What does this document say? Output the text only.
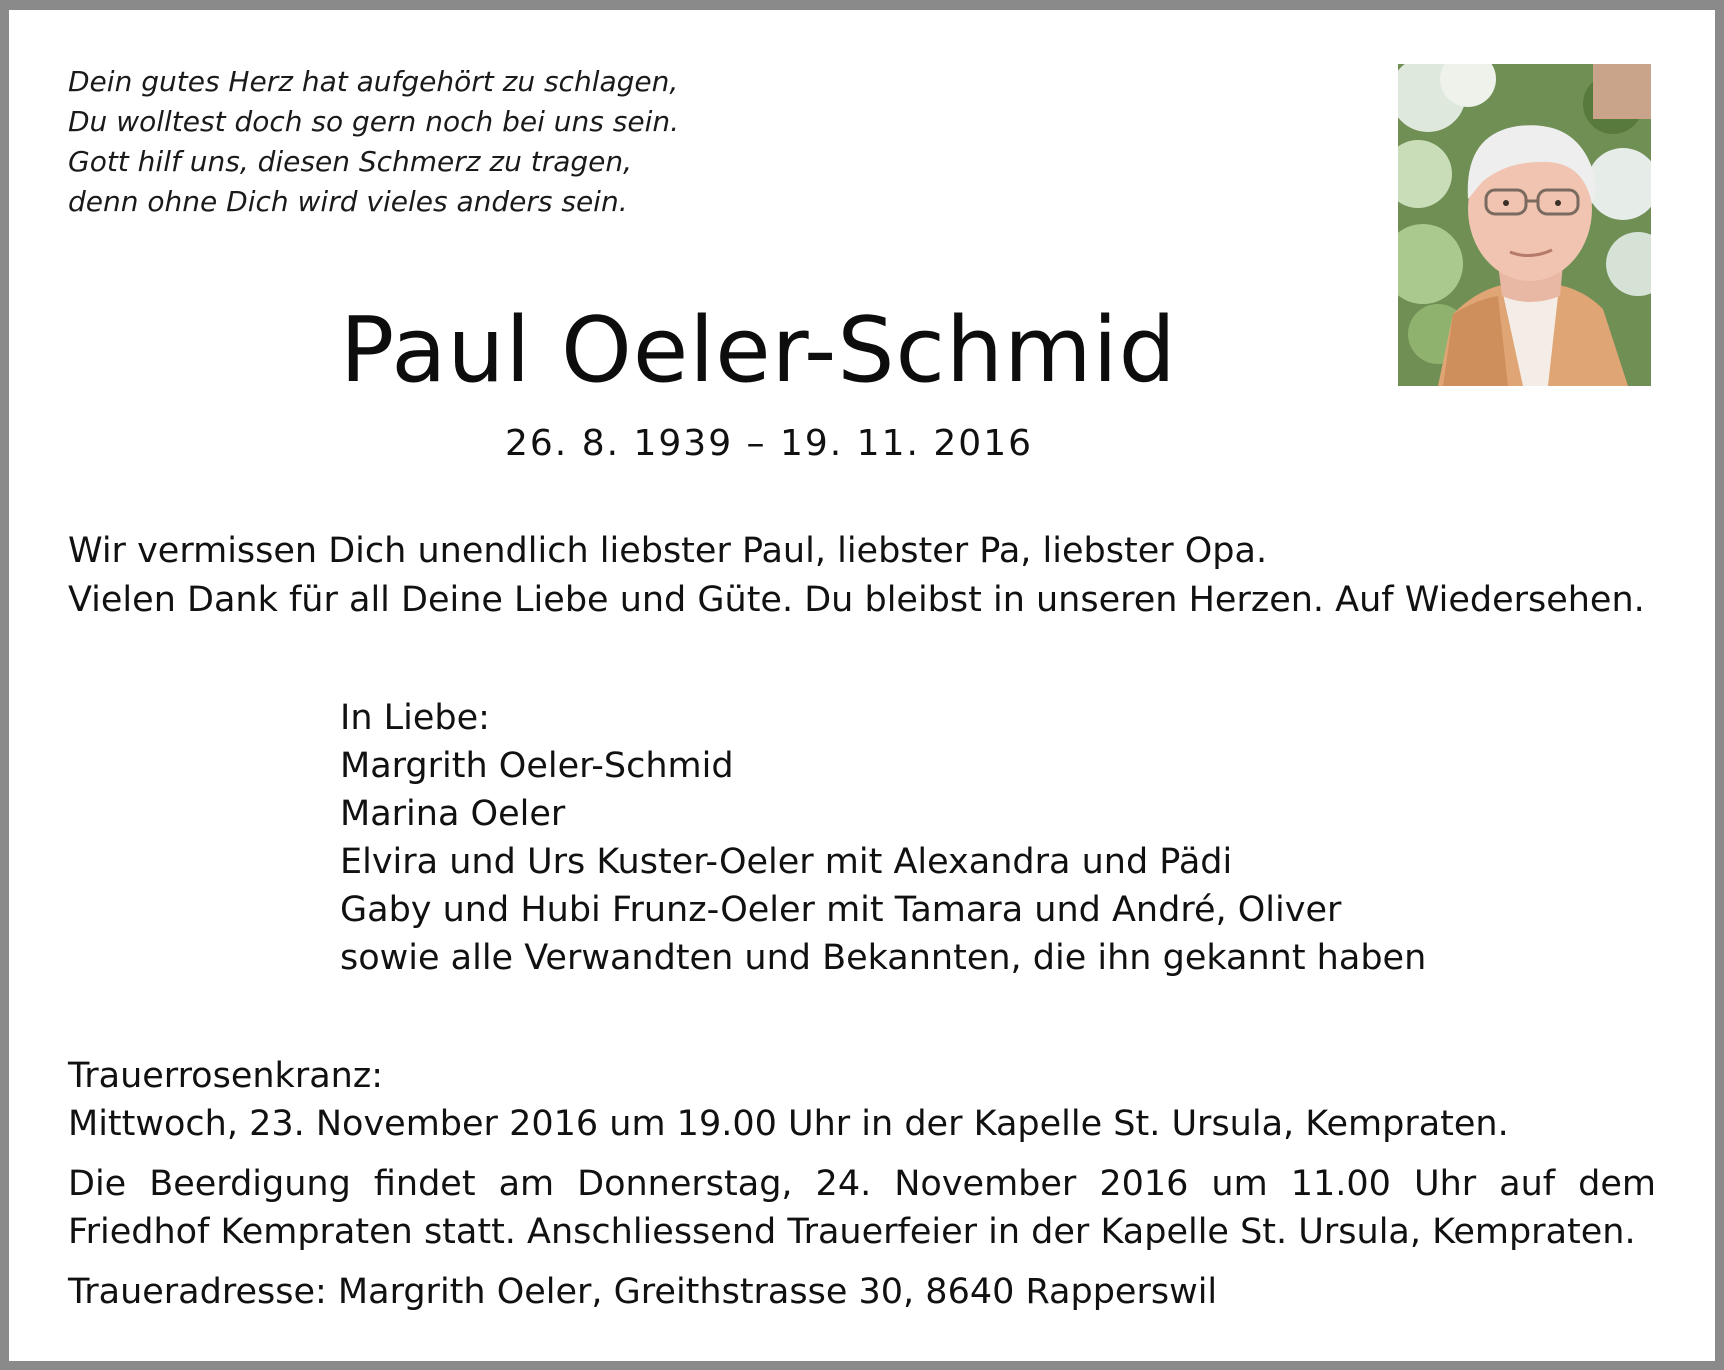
Dein gutes Herz hat aufgehört zu schlagen,
Du wolltest doch so gern noch bei uns sein.
Gott hilf uns, diesen Schmerz zu tragen,
denn ohne Dich wird vieles anders sein.
Paul Oeler-Schmid
26. 8. 1939 – 19. 11. 2016
Wir vermissen Dich unendlich liebster Paul, liebster Pa, liebster Opa.
Vielen Dank für all Deine Liebe und Güte. Du bleibst in unseren Herzen. Auf Wiedersehen.
In Liebe:
Margrith Oeler-Schmid
Marina Oeler
Elvira und Urs Kuster-Oeler mit Alexandra und Pädi
Gaby und Hubi Frunz-Oeler mit Tamara und André, Oliver
sowie alle Verwandten und Bekannten, die ihn gekannt haben
Trauerrosenkranz:
Mittwoch, 23. November 2016 um 19.00 Uhr in der Kapelle St. Ursula, Kempraten.
Die Beerdigung findet am Donnerstag, 24. November 2016 um 11.00 Uhr auf dem
Friedhof Kempraten statt. Anschliessend Trauerfeier in der Kapelle St. Ursula, Kempraten.
Traueradresse: Margrith Oeler, Greithstrasse 30, 8640 Rapperswil
